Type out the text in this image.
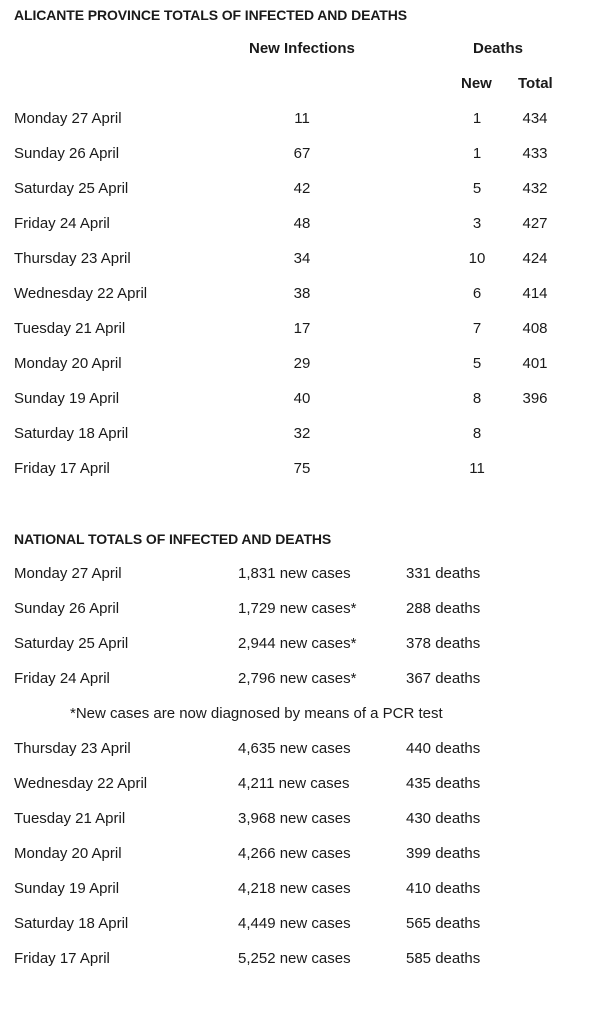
ALICANTE PROVINCE TOTALS OF INFECTED AND DEATHS
New Infections	Deaths
New Total
Monday 27 April	11	1	434
Sunday 26 April	67	1	433
Saturday 25 April	42	5	432
Friday 24 April	48	3	427
Thursday 23 April	34	10 424
Wednesday 22 April	38	6	414
Tuesday 21 April	17	7	408
Monday 20 April	29	5	401
Sunday 19 April	40	8	396
Saturday 18 April	32	8
Friday 17 April	75	11
NATIONAL TOTALS OF INFECTED AND DEATHS
Monday 27 April	1,831 new cases	331 deaths
Sunday 26 April	1,729 new cases*	288 deaths
Saturday 25 April	2,944 new cases*	378 deaths
Friday 24 April	2,796 new cases*	367 deaths
*New cases are now diagnosed by means of a PCR test
Thursday 23 April	4,635 new cases	440 deaths
Wednesday 22 April	4,211 new cases	435 deaths
Tuesday 21 April	3,968 new cases	430 deaths
Monday 20 April	4,266 new cases	399 deaths
Sunday 19 April	4,218 new cases	410 deaths
Saturday 18 April	4,449 new cases	565 deaths
Friday 17 April	5,252 new cases	585 deaths
